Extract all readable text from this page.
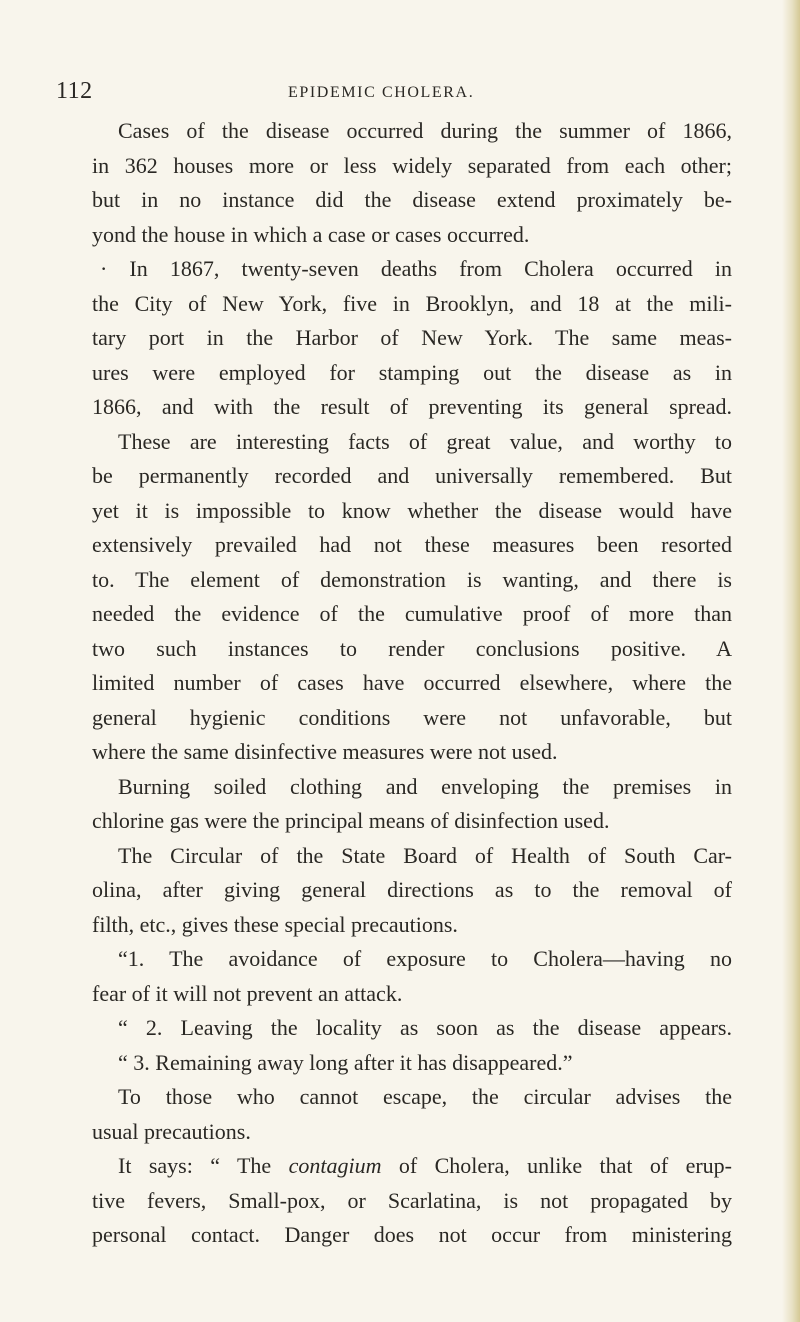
112	EPIDEMIC CHOLERA.
Cases of the disease occurred during the summer of 1866,
in 362 houses more or less widely separated from each other;
but in no instance did the disease extend proximately be-
yond the house in which a case or cases occurred.
· In 1867, twenty-seven deaths from Cholera occurred in
the City of New York, five in Brooklyn, and 18 at the mili-
tary port in the Harbor of New York. The same meas-
ures were employed for stamping out the disease as in
1866, and with the result of preventing its general spread.
These are interesting facts of great value, and worthy to
be permanently recorded and universally remembered. But
yet it is impossible to know whether the disease would have
extensively prevailed had not these measures been resorted
to. The element of demonstration is wanting, and there is
needed the evidence of the cumulative proof of more than
two such instances to render conclusions positive. A
limited number of cases have occurred elsewhere, where the
general hygienic conditions were not unfavorable, but
where the same disinfective measures were not used.
Burning soiled clothing and enveloping the premises in
chlorine gas were the principal means of disinfection used.
The Circular of the State Board of Health of South Car-
olina, after giving general directions as to the removal of
filth, etc., gives these special precautions.
“1. The avoidance of exposure to Cholera—having no
fear of it will not prevent an attack.
“ 2. Leaving the locality as soon as the disease appears.
“ 3. Remaining away long after it has disappeared.”
To those who cannot escape, the circular advises the
usual precautions.
It says: “ The contagium of Cholera, unlike that of erup-
tive fevers, Small-pox, or Scarlatina, is not propagated by
personal contact. Danger does not occur from ministering
